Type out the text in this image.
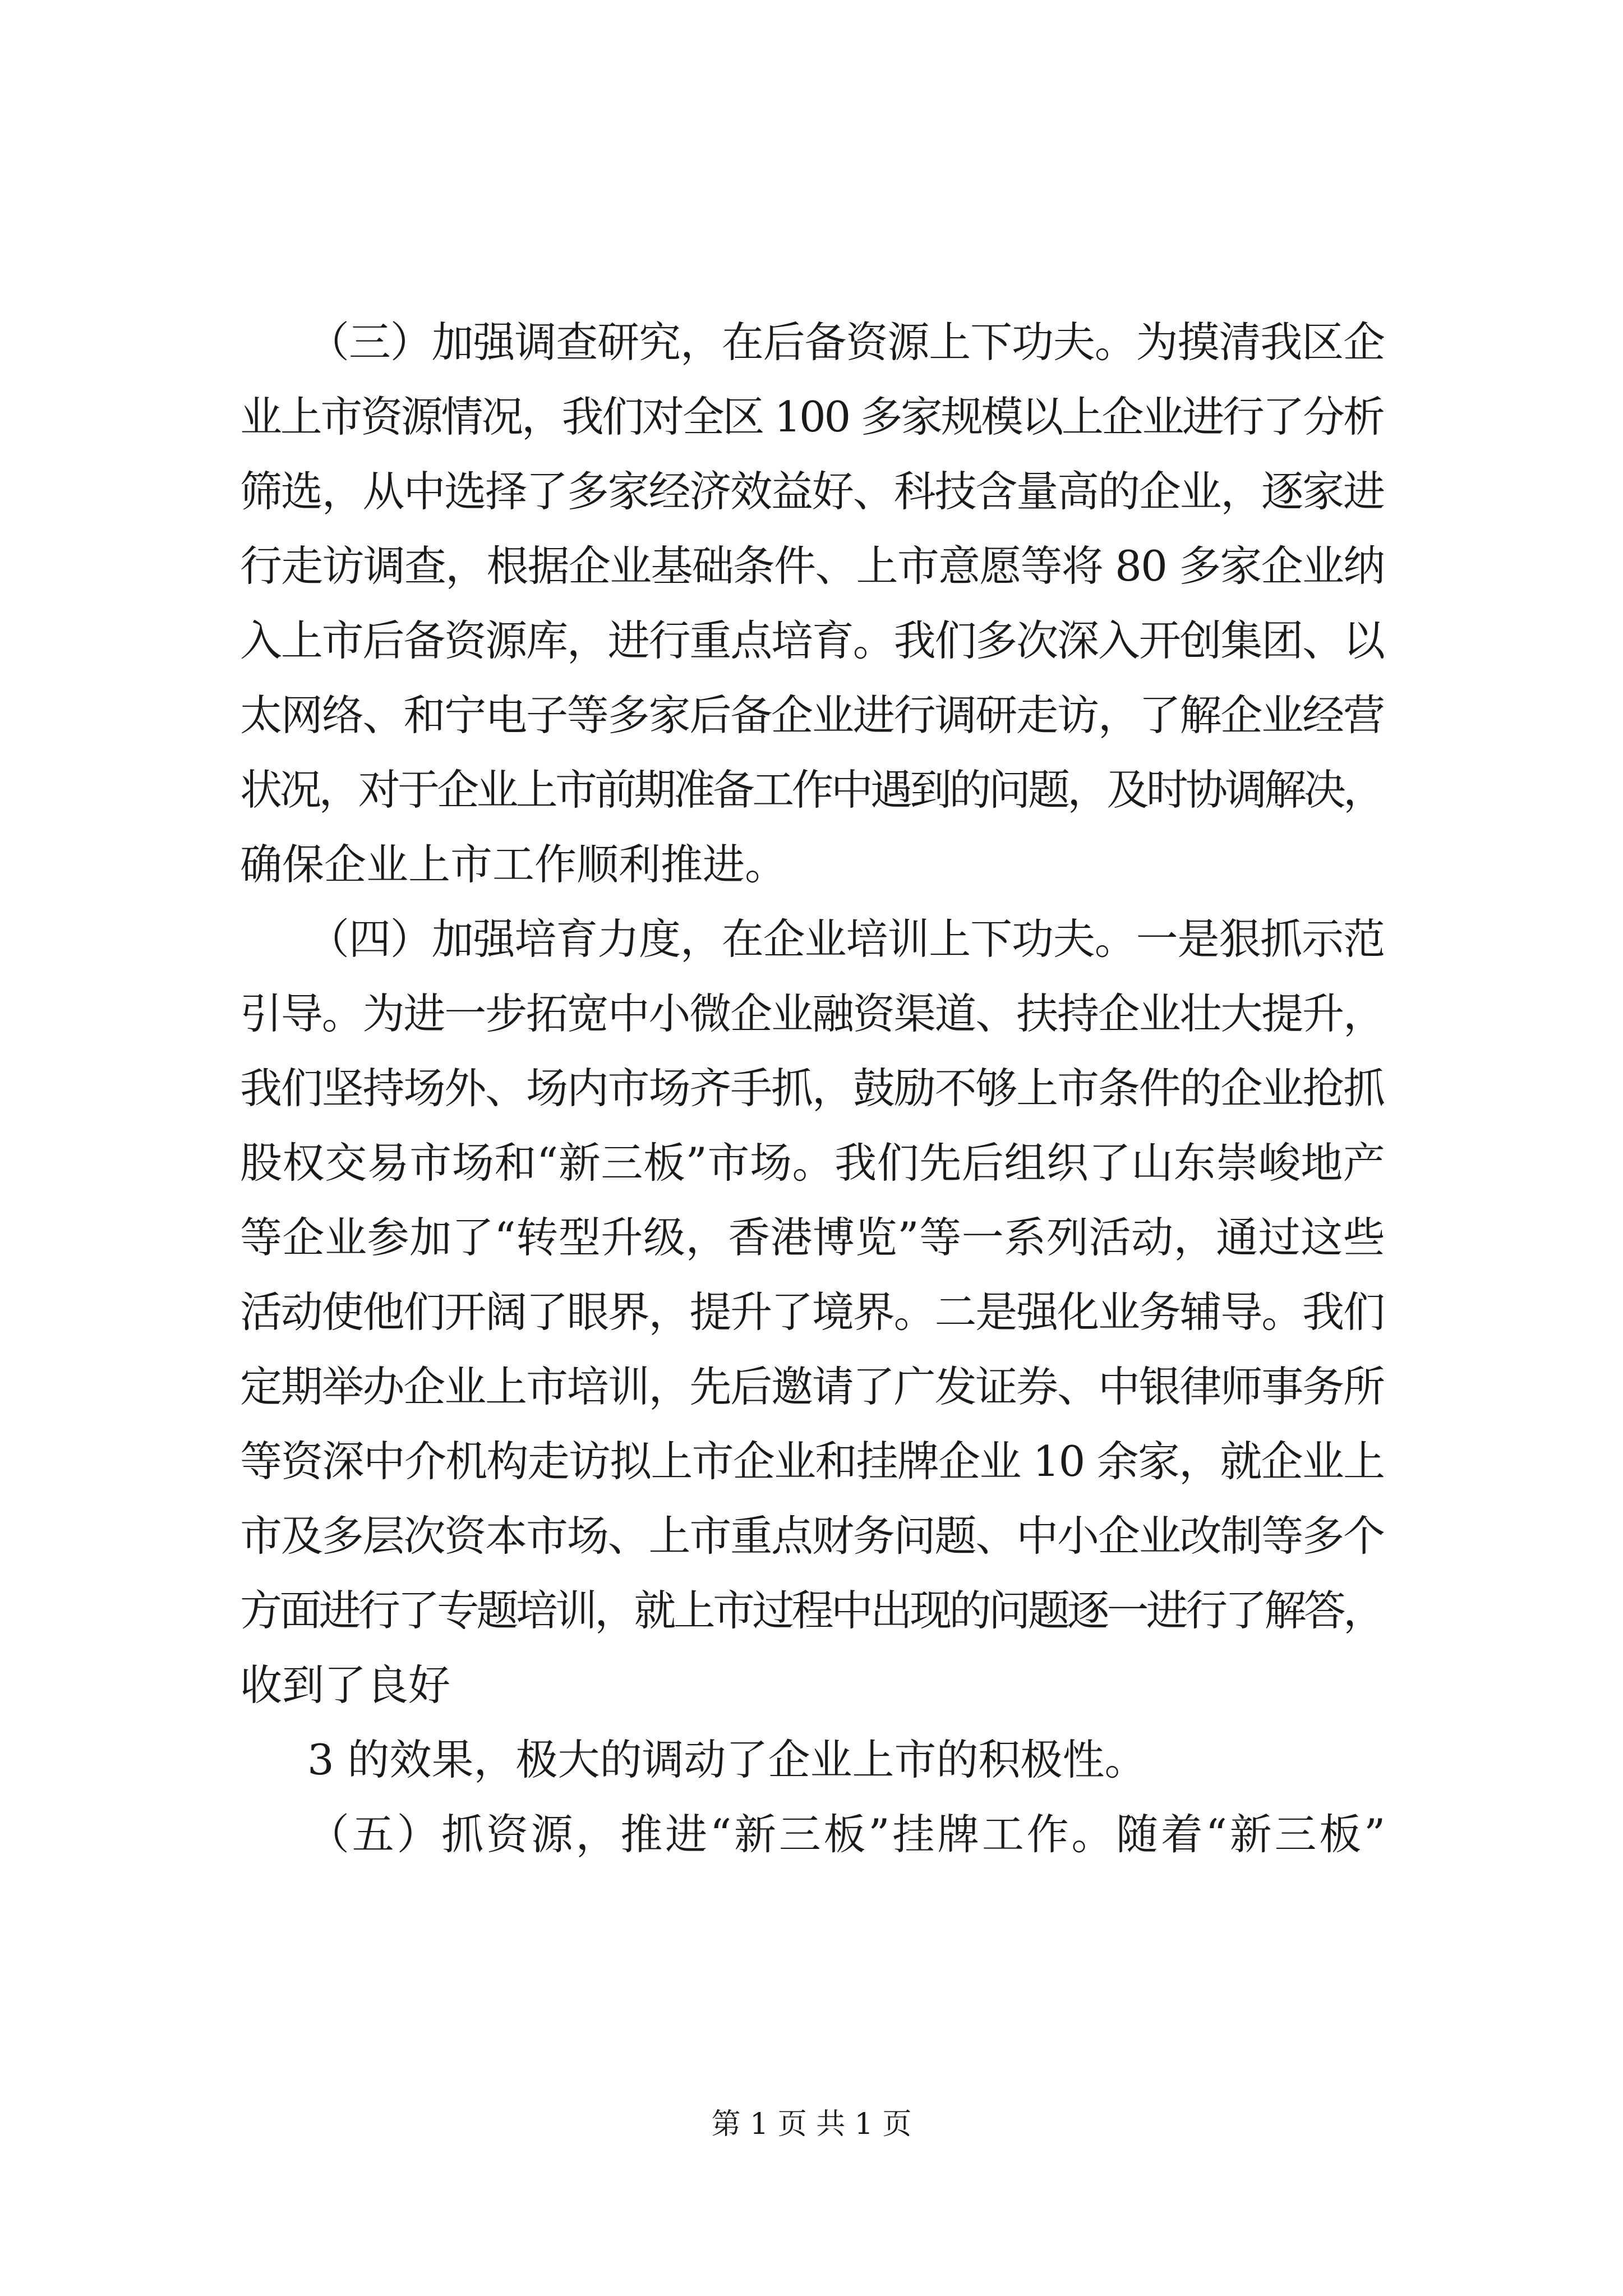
（三）加强调查研究，在后备资源上下功夫。为摸清我区企
业上市资源情况，我们对全区 100 多家规模以上企业进行了分析
筛选，从中选择了多家经济效益好、科技含量高的企业，逐家进
行走访调查，根据企业基础条件、上市意愿等将 80 多家企业纳
入上市后备资源库，进行重点培育。我们多次深入开创集团、以
太网络、和宁电子等多家后备企业进行调研走访，了解企业经营
状况，对于企业上市前期准备工作中遇到的问题，及时协调解决，
确保企业上市工作顺利推进。
（四）加强培育力度，在企业培训上下功夫。一是狠抓示范
引导。为进一步拓宽中小微企业融资渠道、扶持企业壮大提升，
我们坚持场外、场内市场齐手抓，鼓励不够上市条件的企业抢抓
股权交易市场和“新三板”市场。我们先后组织了山东崇峻地产
等企业参加了“转型升级，香港博览”等一系列活动，通过这些
活动使他们开阔了眼界，提升了境界。二是强化业务辅导。我们
定期举办企业上市培训，先后邀请了广发证券、中银律师事务所
等资深中介机构走访拟上市企业和挂牌企业 10 余家，就企业上
市及多层次资本市场、上市重点财务问题、中小企业改制等多个
方面进行了专题培训，就上市过程中出现的问题逐一进行了解答，
收到了良好
3 的效果，极大的调动了企业上市的积极性。
（五）抓资源，推进“新三板”挂牌工作。随着“新三板”
第 1 页 共 1 页
